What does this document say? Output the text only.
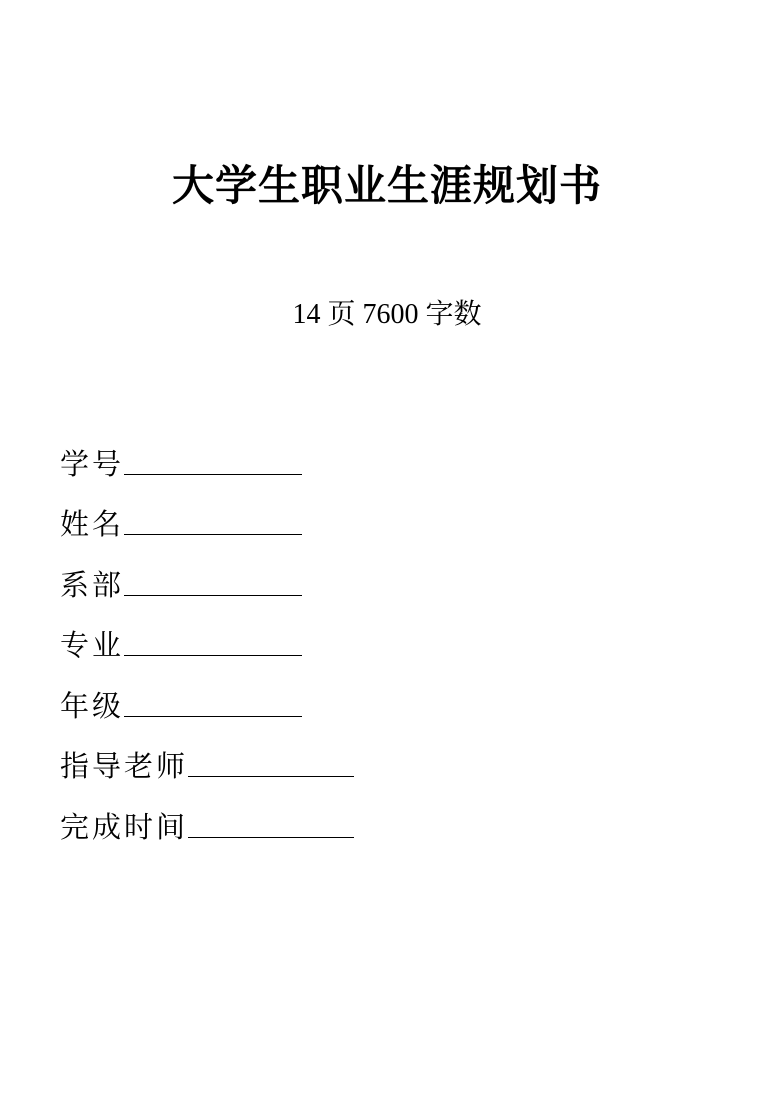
大学生职业生涯规划书
14 页 7600 字数
学号
姓名
系部
专业
年级
指导老师
完成时间
